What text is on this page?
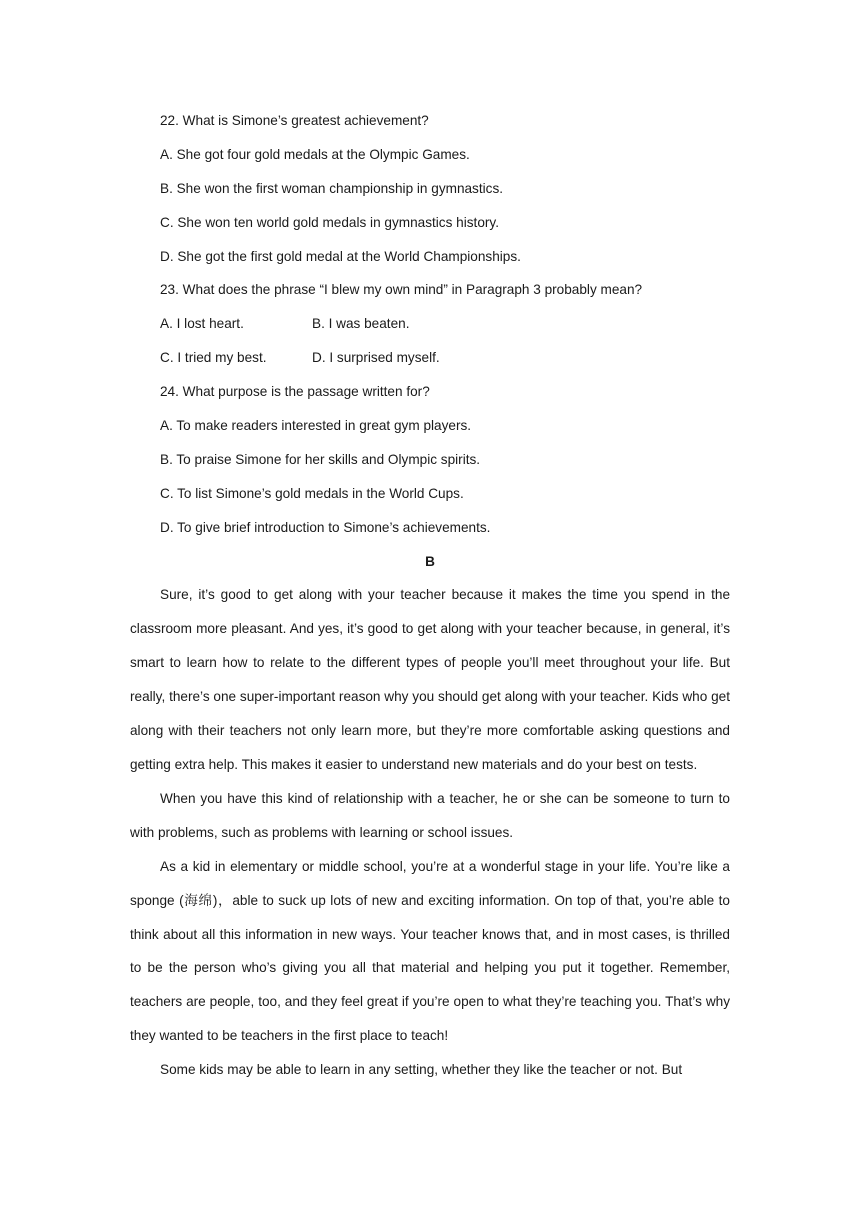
22. What is Simone’s greatest achievement?
A. She got four gold medals at the Olympic Games.
B. She won the first woman championship in gymnastics.
C. She won ten world gold medals in gymnastics history.
D. She got the first gold medal at the World Championships.
23. What does the phrase “I blew my own mind” in Paragraph 3 probably mean?
A. I lost heart.	B. I was beaten.
C. I tried my best.	D. I surprised myself.
24. What purpose is the passage written for?
A. To make readers interested in great gym players.
B. To praise Simone for her skills and Olympic spirits.
C. To list Simone’s gold medals in the World Cups.
D. To give brief introduction to Simone’s achievements.
B

Sure, it’s good to get along with your teacher because it makes the time you spend in the classroom more pleasant. And yes, it’s good to get along with your teacher because, in general, it’s smart to learn how to relate to the different types of people you’ll meet throughout your life. But really, there’s one super-important reason why you should get along with your teacher. Kids who get along with their teachers not only learn more, but they’re more comfortable asking questions and getting extra help. This makes it easier to understand new materials and do your best on tests.

When you have this kind of relationship with a teacher, he or she can be someone to turn to with problems, such as problems with learning or school issues.

As a kid in elementary or middle school, you’re at a wonderful stage in your life. You’re like a sponge (海绵)，able to suck up lots of new and exciting information. On top of that, you’re able to think about all this information in new ways. Your teacher knows that, and in most cases, is thrilled to be the person who’s giving you all that material and helping you put it together. Remember, teachers are people, too, and they feel great if you’re open to what they’re teaching you. That’s why they wanted to be teachers in the first place to teach!

Some kids may be able to learn in any setting, whether they like the teacher or not. But
